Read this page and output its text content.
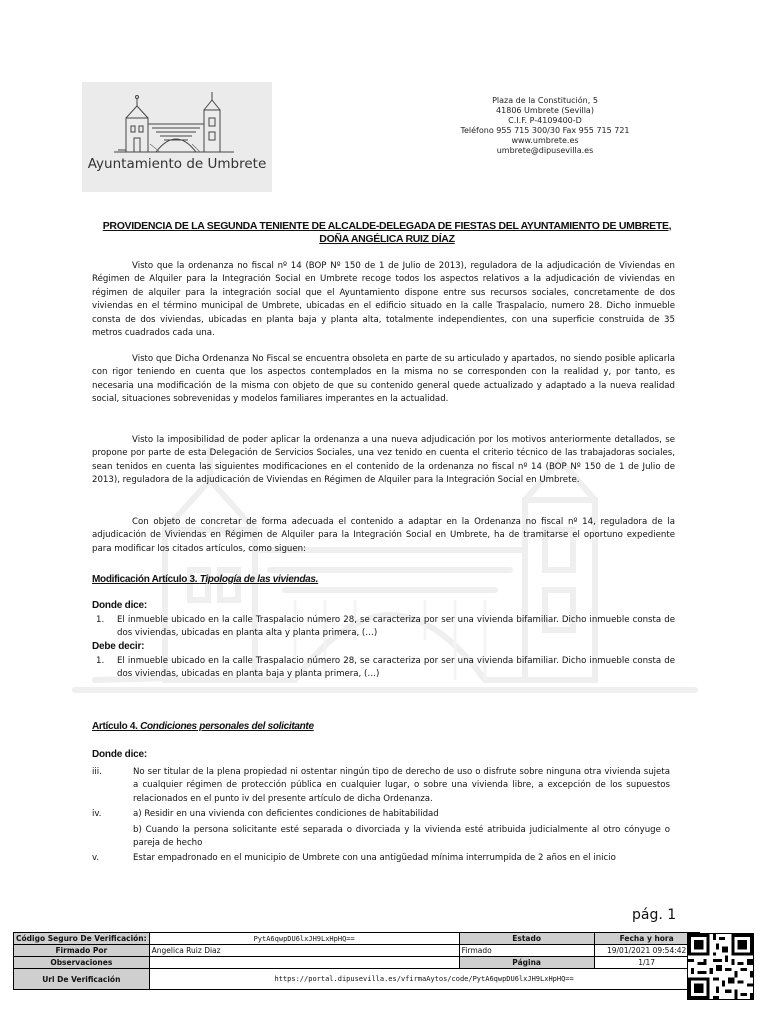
Ayuntamiento de Umbrete
Plaza de la Constitución, 5
41806 Umbrete (Sevilla)
C.I.F. P-4109400-D
Teléfono 955 715 300/30 Fax 955 715 721
www.umbrete.es
umbrete@dipusevilla.es
PROVIDENCIA DE LA SEGUNDA TENIENTE DE ALCALDE-DELEGADA DE FIESTAS DEL AYUNTAMIENTO DE UMBRETE, DOÑA ANGÉLICA RUIZ DÍAZ
Visto que la ordenanza no fiscal nº 14 (BOP Nº 150 de 1 de Julio de 2013), reguladora de la adjudicación de Viviendas en Régimen de Alquiler para la Integración Social en Umbrete recoge todos los aspectos relativos a la adjudicación de viviendas en régimen de alquiler para la integración social que el Ayuntamiento dispone entre sus recursos sociales, concretamente de dos viviendas en el término municipal de Umbrete, ubicadas en el edificio situado en la calle Traspalacio, numero 28. Dicho inmueble consta de dos viviendas, ubicadas en planta baja y planta alta, totalmente independientes, con una superficie construida de 35 metros cuadrados cada una.
Visto que Dicha Ordenanza No Fiscal se encuentra obsoleta en parte de su articulado y apartados, no siendo posible aplicarla con rigor teniendo en cuenta que los aspectos contemplados en la misma no se corresponden con la realidad y, por tanto, es necesaria una modificación de la misma con objeto de que su contenido general quede actualizado y adaptado a la nueva realidad social, situaciones sobrevenidas y modelos familiares imperantes en la actualidad.
Visto la imposibilidad de poder aplicar la ordenanza a una nueva adjudicación por los motivos anteriormente detallados, se propone por parte de esta Delegación de Servicios Sociales, una vez tenido en cuenta el criterio técnico de las trabajadoras sociales, sean tenidos en cuenta las siguientes modificaciones en el contenido de la ordenanza no fiscal nº 14 (BOP Nº 150 de 1 de Julio de 2013), reguladora de la adjudicación de Viviendas en Régimen de Alquiler para la Integración Social en Umbrete.
Con objeto de concretar de forma adecuada el contenido a adaptar en la Ordenanza no fiscal nº 14, reguladora de la adjudicación de Viviendas en Régimen de Alquiler para la Integración Social en Umbrete, ha de tramitarse el oportuno expediente para modificar los citados artículos, como siguen:
Modificación Artículo 3. Tipología de las viviendas.
Donde dice:
1. El inmueble ubicado en la calle Traspalacio número 28, se caracteriza por ser una vivienda bifamiliar. Dicho inmueble consta de dos viviendas, ubicadas en planta alta y planta primera, (…)
Debe decir:
1. El inmueble ubicado en la calle Traspalacio número 28, se caracteriza por ser una vivienda bifamiliar. Dicho inmueble consta de dos viviendas, ubicadas en planta baja y planta primera, (…)
Artículo 4. Condiciones personales del solicitante
Donde dice:
iii.	No ser titular de la plena propiedad ni ostentar ningún tipo de derecho de uso o disfrute sobre ninguna otra vivienda sujeta a cualquier régimen de protección pública en cualquier lugar, o sobre una vivienda libre, a excepción de los supuestos relacionados en el punto iv del presente artículo de dicha Ordenanza.
iv.	a) Residir en una vivienda con deficientes condiciones de habitabilidad
b) Cuando la persona solicitante esté separada o divorciada y la vivienda esté atribuida judicialmente al otro cónyuge o pareja de hecho
v.	Estar empadronado en el municipio de Umbrete con una antigüedad mínima interrumpida de 2 años en el inicio
pág. 1
Código Seguro De Verificación:	PytA6qwpDU6lxJH9LxHpHQ==	Estado	Fecha y hora
Firmado Por	Angelica Ruiz Diaz	Firmado	19/01/2021 09:54:42
Observaciones		Página	1/17
Url De Verificación	https://portal.dipusevilla.es/vfirmaAytos/code/PytA6qwpDU6lxJH9LxHpHQ==		
